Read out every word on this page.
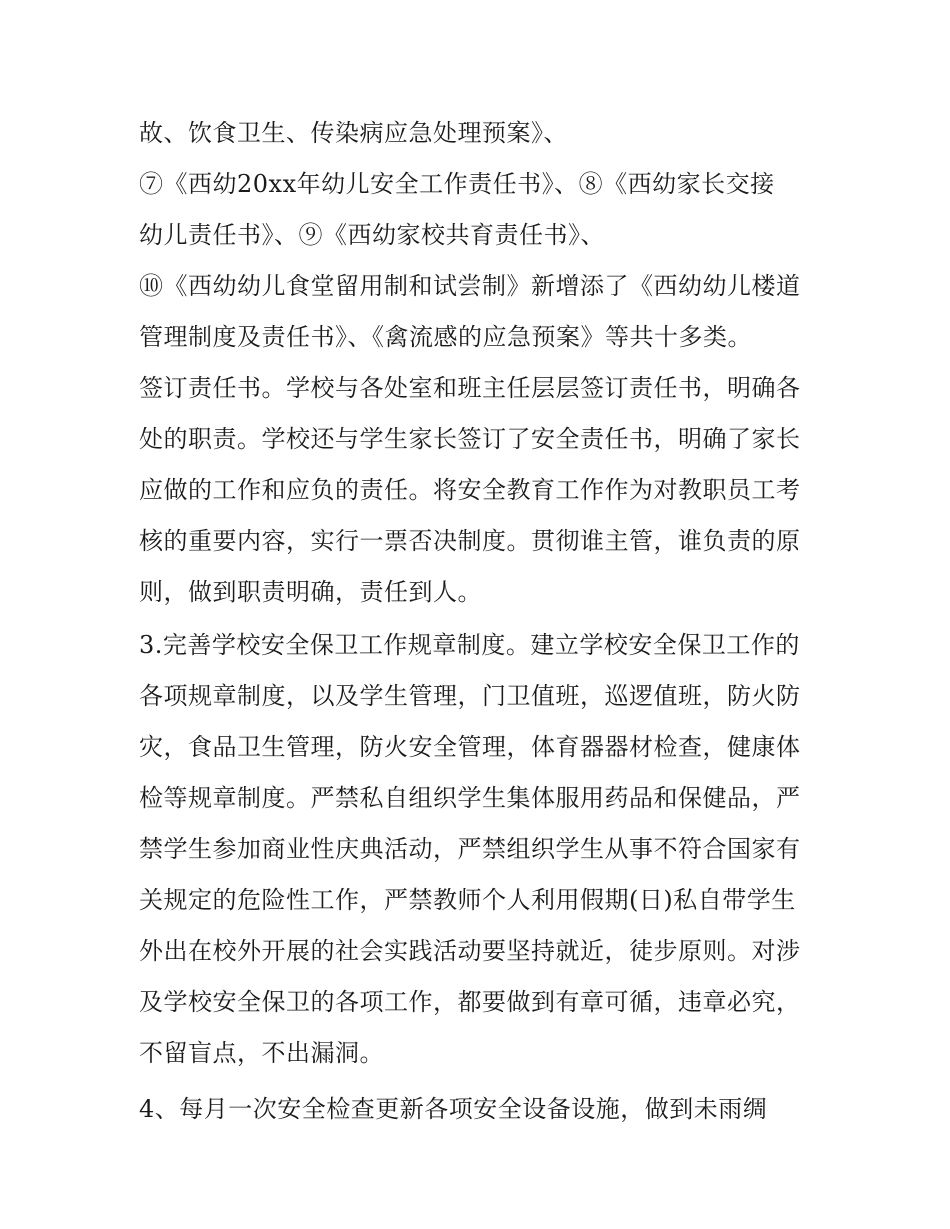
故、饮食卫生、传染病应急处理预案》、
⑦《西幼20xx年幼儿安全工作责任书》、⑧《西幼家长交接
幼儿责任书》、⑨《西幼家校共育责任书》、
⑩《西幼幼儿食堂留用制和试尝制》新增添了《西幼幼儿楼道
管理制度及责任书》、《禽流感的应急预案》等共十多类。
签订责任书。学校与各处室和班主任层层签订责任书，明确各
处的职责。学校还与学生家长签订了安全责任书，明确了家长
应做的工作和应负的责任。将安全教育工作作为对教职员工考
核的重要内容，实行一票否决制度。贯彻谁主管，谁负责的原
则，做到职责明确，责任到人。
3.完善学校安全保卫工作规章制度。建立学校安全保卫工作的
各项规章制度，以及学生管理，门卫值班，巡逻值班，防火防
灾，食品卫生管理，防火安全管理，体育器器材检查，健康体
检等规章制度。严禁私自组织学生集体服用药品和保健品，严
禁学生参加商业性庆典活动，严禁组织学生从事不符合国家有
关规定的危险性工作，严禁教师个人利用假期(日)私自带学生
外出在校外开展的社会实践活动要坚持就近，徒步原则。对涉
及学校安全保卫的各项工作，都要做到有章可循，违章必究，
不留盲点，不出漏洞。
4、每月一次安全检查更新各项安全设备设施，做到未雨绸
